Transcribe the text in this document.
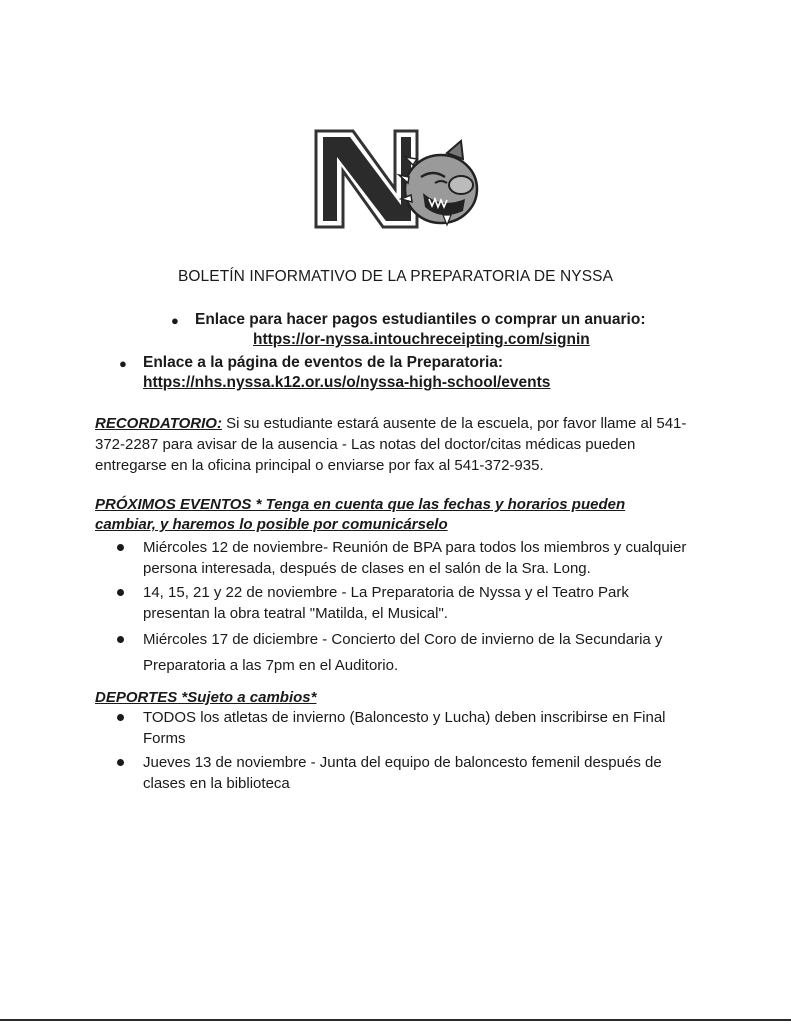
BOLETÍN INFORMATIVO DE LA PREPARATORIA DE NYSSA
● Enlace para hacer pagos estudiantiles o comprar un anuario:
https://or-nyssa.intouchreceipting.com/signin
● Enlace a la página de eventos de la Preparatoria:
https://nhs.nyssa.k12.or.us/o/nyssa-high-school/events
RECORDATORIO: Si su estudiante estará ausente de la escuela, por favor llame al 541-372-2287 para avisar de la ausencia - Las notas del doctor/citas médicas pueden entregarse en la oficina principal o enviarse por fax al 541-372-935.
PRÓXIMOS EVENTOS * Tenga en cuenta que las fechas y horarios pueden cambiar, y haremos lo posible por comunicárselo
Miércoles 12 de noviembre- Reunión de BPA para todos los miembros y cualquier persona interesada, después de clases en el salón de la Sra. Long.
14, 15, 21 y 22 de noviembre - La Preparatoria de Nyssa y el Teatro Park presentan la obra teatral "Matilda, el Musical".
Miércoles 17 de diciembre - Concierto del Coro de invierno de la Secundaria y Preparatoria a las 7pm en el Auditorio.
DEPORTES *Sujeto a cambios*
TODOS los atletas de invierno (Baloncesto y Lucha) deben inscribirse en Final Forms
Jueves 13 de noviembre - Junta del equipo de baloncesto femenil después de clases en la biblioteca
